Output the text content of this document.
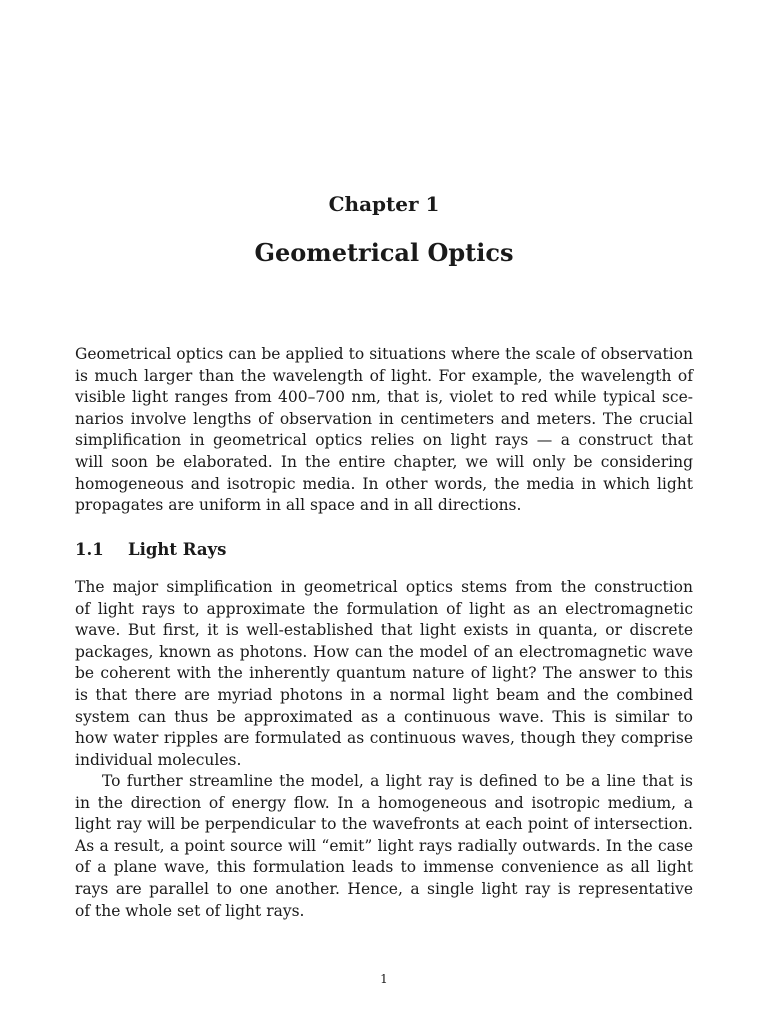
Chapter 1
Geometrical Optics
Geometrical optics can be applied to situations where the scale of observation
is much larger than the wavelength of light. For example, the wavelength of
visible light ranges from 400–700 nm, that is, violet to red while typical sce-
narios involve lengths of observation in centimeters and meters. The crucial
simplification in geometrical optics relies on light rays — a construct that
will soon be elaborated. In the entire chapter, we will only be considering
homogeneous and isotropic media. In other words, the media in which light
propagates are uniform in all space and in all directions.
1.1 Light Rays
The major simplification in geometrical optics stems from the construction
of light rays to approximate the formulation of light as an electromagnetic
wave. But first, it is well-established that light exists in quanta, or discrete
packages, known as photons. How can the model of an electromagnetic wave
be coherent with the inherently quantum nature of light? The answer to this
is that there are myriad photons in a normal light beam and the combined
system can thus be approximated as a continuous wave. This is similar to
how water ripples are formulated as continuous waves, though they comprise
individual molecules.
To further streamline the model, a light ray is defined to be a line that is
in the direction of energy flow. In a homogeneous and isotropic medium, a
light ray will be perpendicular to the wavefronts at each point of intersection.
As a result, a point source will “emit” light rays radially outwards. In the case
of a plane wave, this formulation leads to immense convenience as all light
rays are parallel to one another. Hence, a single light ray is representative
of the whole set of light rays.
1
